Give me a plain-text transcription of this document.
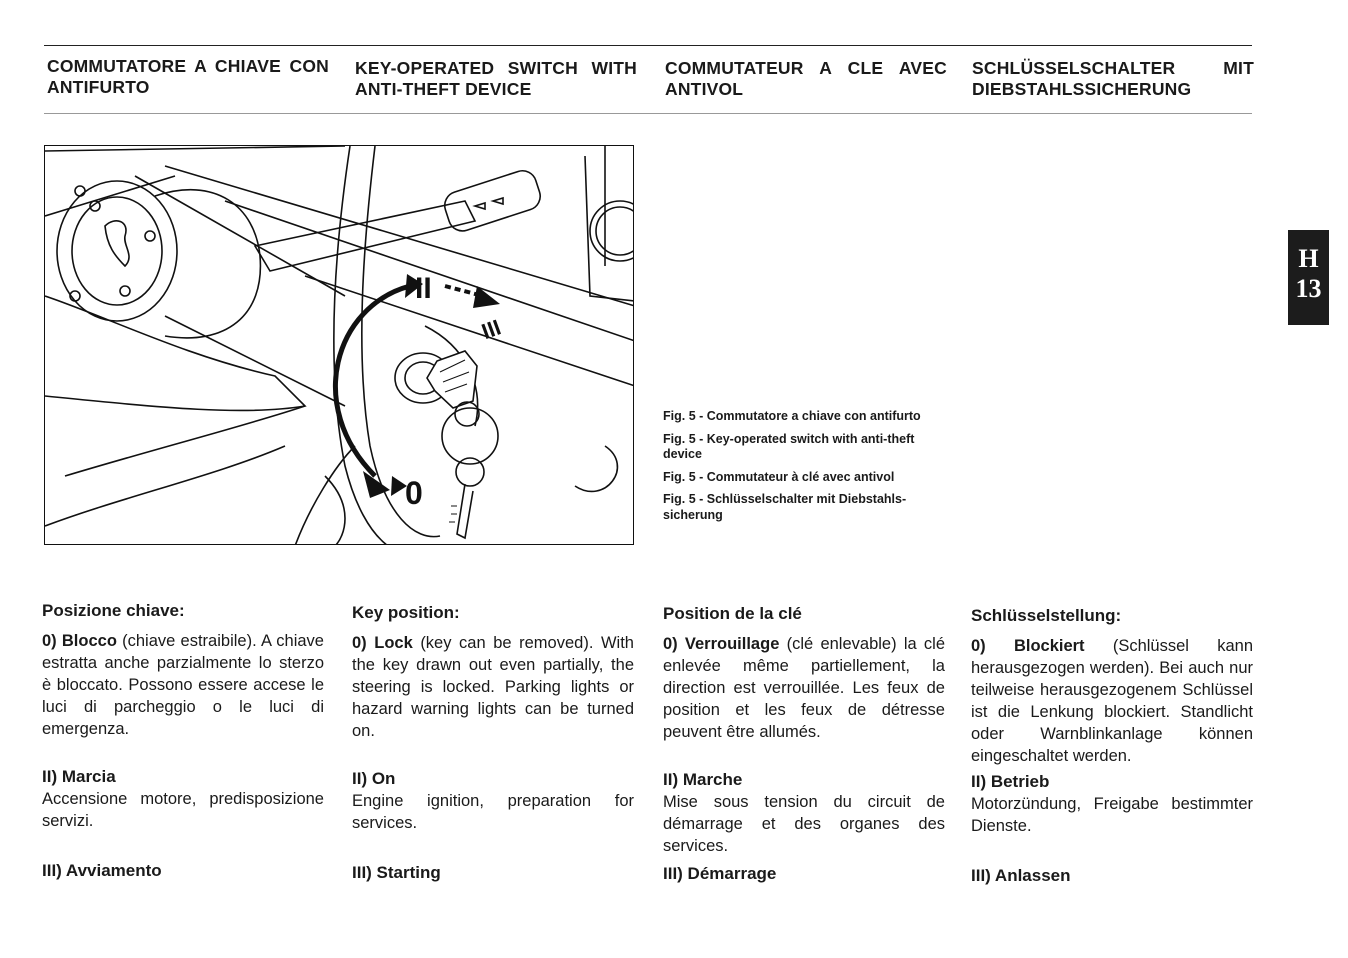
COMMUTATORE A CHIAVE CON
ANTIFURTO
KEY-OPERATED SWITCH WITH
ANTI-THEFT DEVICE
COMMUTATEUR A CLE AVEC
ANTIVOL
SCHLÜSSELSCHALTER MIT
DIEBSTAHLSSICHERUNG
II
III
0
Fig. 5 - Commutatore a chiave con antifurto
Fig. 5 - Key-operated switch with anti-theft device
Fig. 5 - Commutateur à clé avec antivol
Fig. 5 - Schlüsselschalter mit Diebstahls-sicherung
H
13
Posizione chiave:

0) Blocco (chiave estraibile). A chiave estratta anche parzialmente lo sterzo è bloccato. Possono essere accese le luci di parcheggio o le luci di emergenza.

II) Marcia

Accensione motore, predisposizione servizi.

III) Avviamento
Key position:

0) Lock (key can be removed). With the key drawn out even partially, the steering is locked. Parking lights or hazard warning lights can be turned on.

II) On

Engine ignition, preparation for services.

III) Starting
Position de la clé

0) Verrouillage (clé enlevable) la clé enlevée même partiellement, la direction est verrouillée. Les feux de position et les feux de détresse peuvent être allumés.

II) Marche

Mise sous tension du circuit de démarrage et des organes des services.

III) Démarrage
Schlüsselstellung:

0) Blockiert (Schlüssel kann herausgezogen werden). Bei auch nur teilweise herausgezogenem Schlüssel ist die Lenkung blockiert. Standlicht oder Warnblinkanlage können eingeschaltet werden.

II) Betrieb

Motorzündung, Freigabe bestimmter Dienste.

III) Anlassen
